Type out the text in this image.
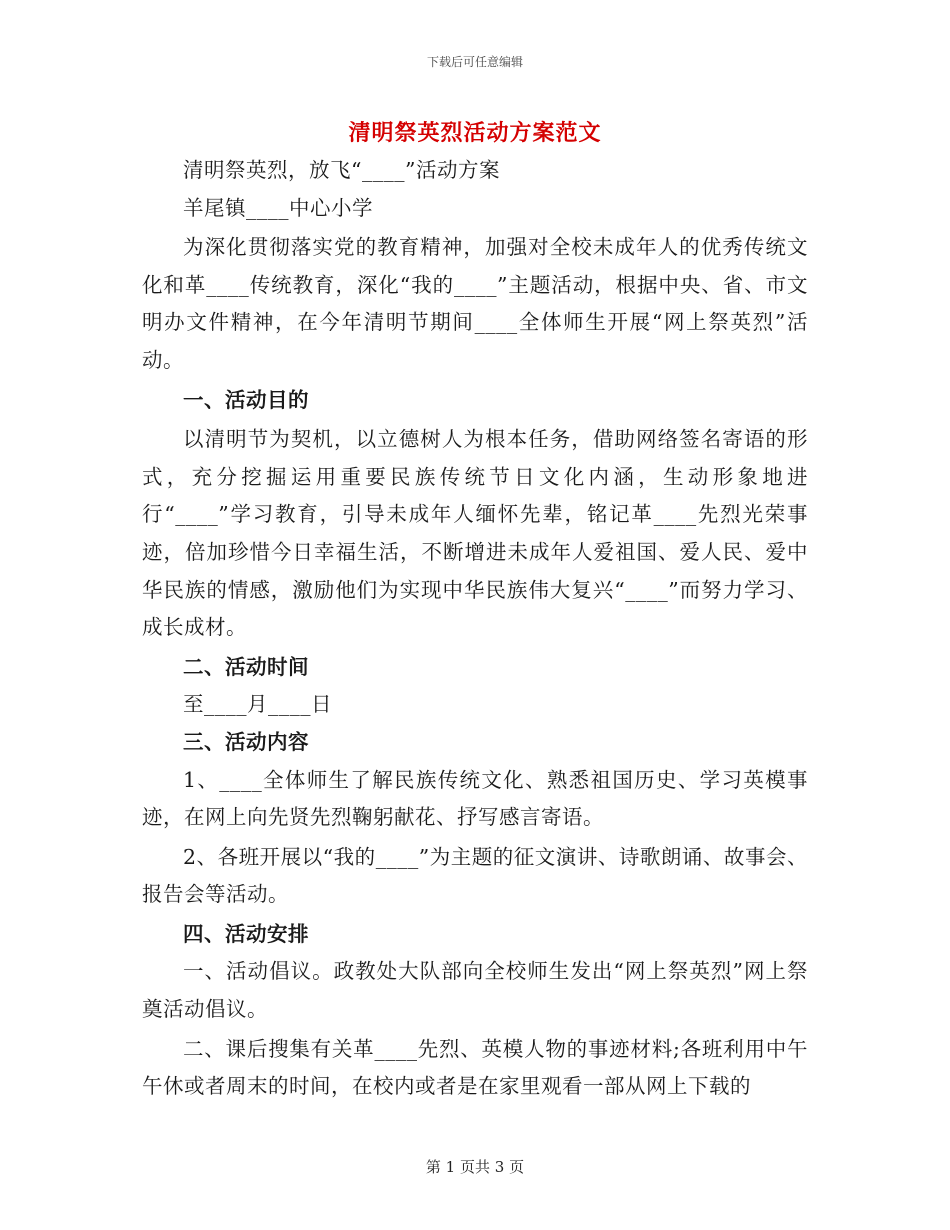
下载后可任意编辑
清明祭英烈活动方案范文

清明祭英烈，放飞“____”活动方案

羊尾镇____中心小学

为深化贯彻落实党的教育精神，加强对全校未成年人的优秀传统文化和革____传统教育，深化“我的____”主题活动，根据中央、省、市文明办文件精神，在今年清明节期间____全体师生开展“网上祭英烈”活动。

一、活动目的

以清明节为契机，以立德树人为根本任务，借助网络签名寄语的形式，充分挖掘运用重要民族传统节日文化内涵，生动形象地进行“____”学习教育，引导未成年人缅怀先辈，铭记革____先烈光荣事迹，倍加珍惜今日幸福生活，不断增进未成年人爱祖国、爱人民、爱中华民族的情感，激励他们为实现中华民族伟大复兴“____”而努力学习、成长成材。

二、活动时间

至____月____日

三、活动内容

1、____全体师生了解民族传统文化、熟悉祖国历史、学习英模事迹，在网上向先贤先烈鞠躬献花、抒写感言寄语。

2、各班开展以“我的____”为主题的征文演讲、诗歌朗诵、故事会、报告会等活动。

四、活动安排

一、活动倡议。政教处大队部向全校师生发出“网上祭英烈”网上祭奠活动倡议。

二、课后搜集有关革____先烈、英模人物的事迹材料;各班利用中午午休或者周末的时间，在校内或者是在家里观看一部从网上下载的

第 1 页共 3 页
